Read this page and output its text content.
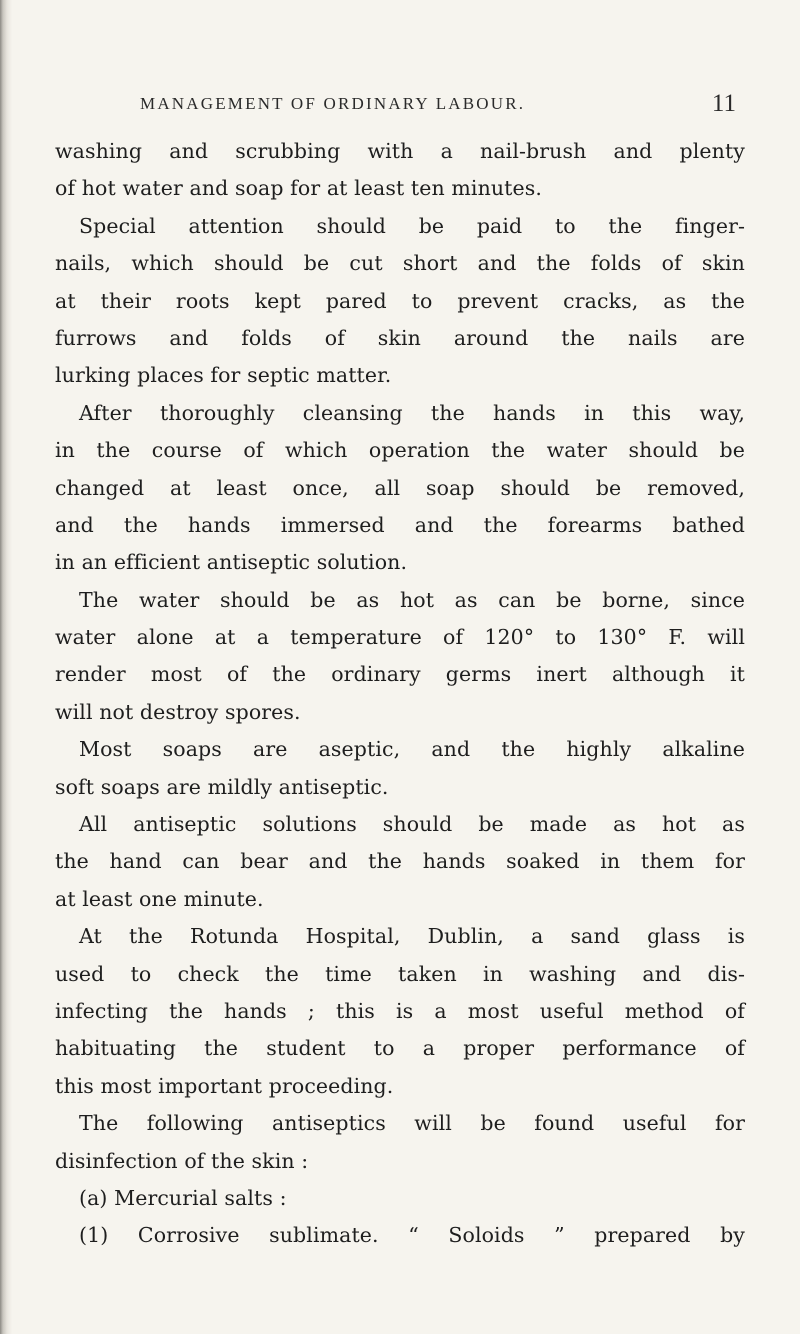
MANAGEMENT OF ORDINARY LABOUR.	11
washing and scrubbing with a nail-brush and plenty
of hot water and soap for at least ten minutes.
Special attention should be paid to the finger-
nails, which should be cut short and the folds of skin
at their roots kept pared to prevent cracks, as the
furrows and folds of skin around the nails are
lurking places for septic matter.
After thoroughly cleansing the hands in this way,
in the course of which operation the water should be
changed at least once, all soap should be removed,
and the hands immersed and the forearms bathed
in an efficient antiseptic solution.
The water should be as hot as can be borne, since
water alone at a temperature of 120° to 130° F. will
render most of the ordinary germs inert although it
will not destroy spores.
Most soaps are aseptic, and the highly alkaline
soft soaps are mildly antiseptic.
All antiseptic solutions should be made as hot as
the hand can bear and the hands soaked in them for
at least one minute.
At the Rotunda Hospital, Dublin, a sand glass is
used to check the time taken in washing and dis-
infecting the hands ; this is a most useful method of
habituating the student to a proper performance of
this most important proceeding.
The following antiseptics will be found useful for
disinfection of the skin :
(a) Mercurial salts :
(1) Corrosive sublimate. “ Soloids ” prepared by
